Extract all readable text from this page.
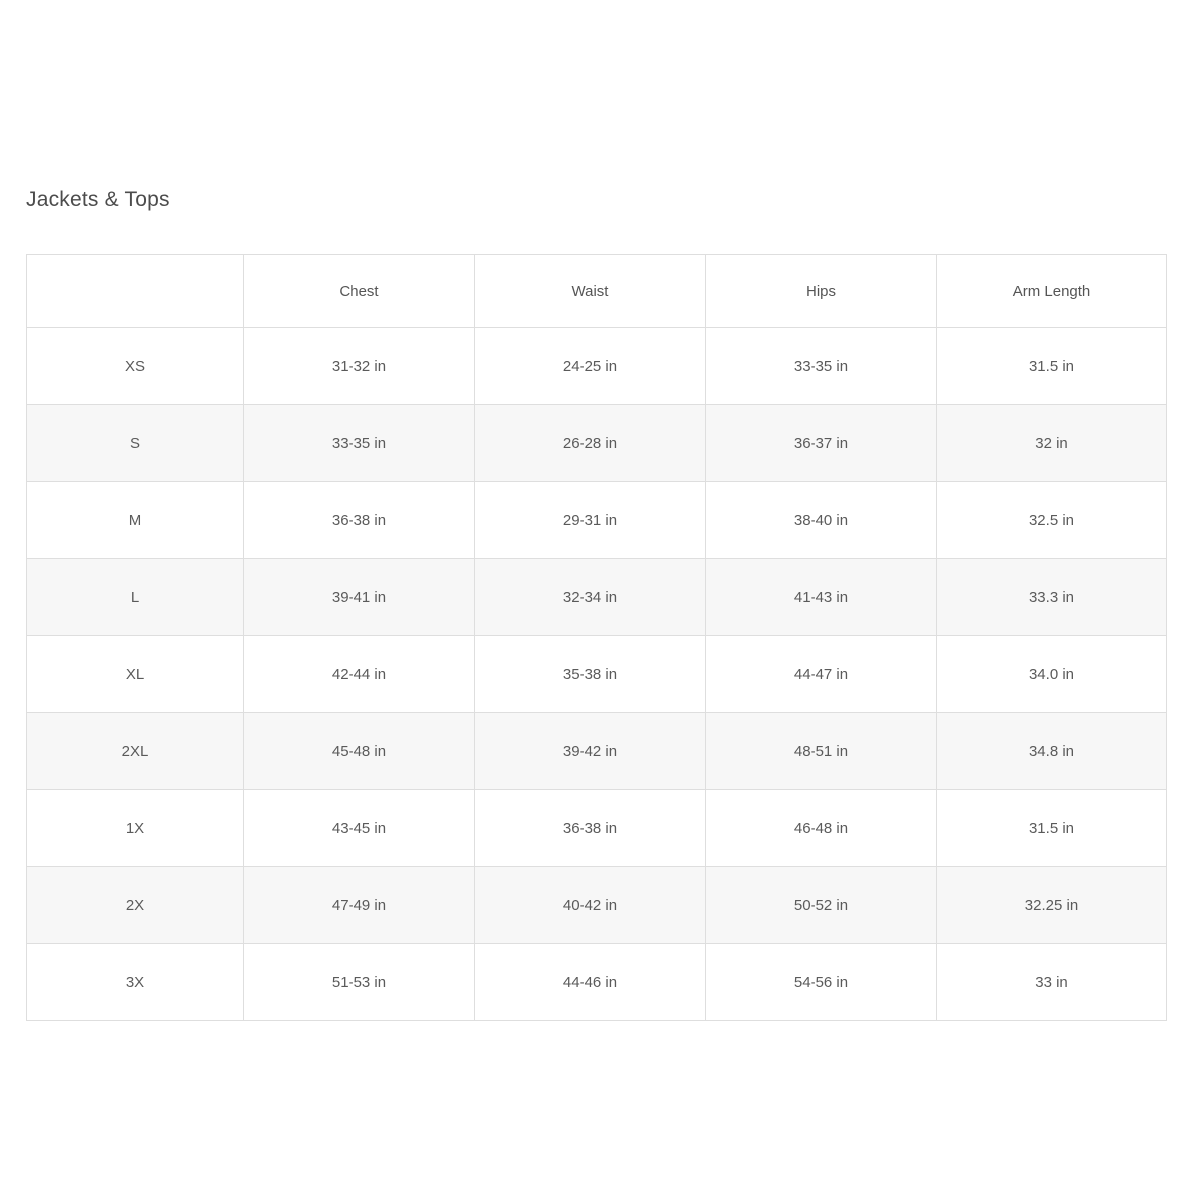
Jackets & Tops
	Chest	Waist	Hips	Arm Length
XS	31-32 in	24-25 in	33-35 in	31.5 in
S	33-35 in	26-28 in	36-37 in	32 in
M	36-38 in	29-31 in	38-40 in	32.5 in
L	39-41 in	32-34 in	41-43 in	33.3 in
XL	42-44 in	35-38 in	44-47 in	34.0 in
2XL	45-48 in	39-42 in	48-51 in	34.8 in
1X	43-45 in	36-38 in	46-48 in	31.5 in
2X	47-49 in	40-42 in	50-52 in	32.25 in
3X	51-53 in	44-46 in	54-56 in	33 in
